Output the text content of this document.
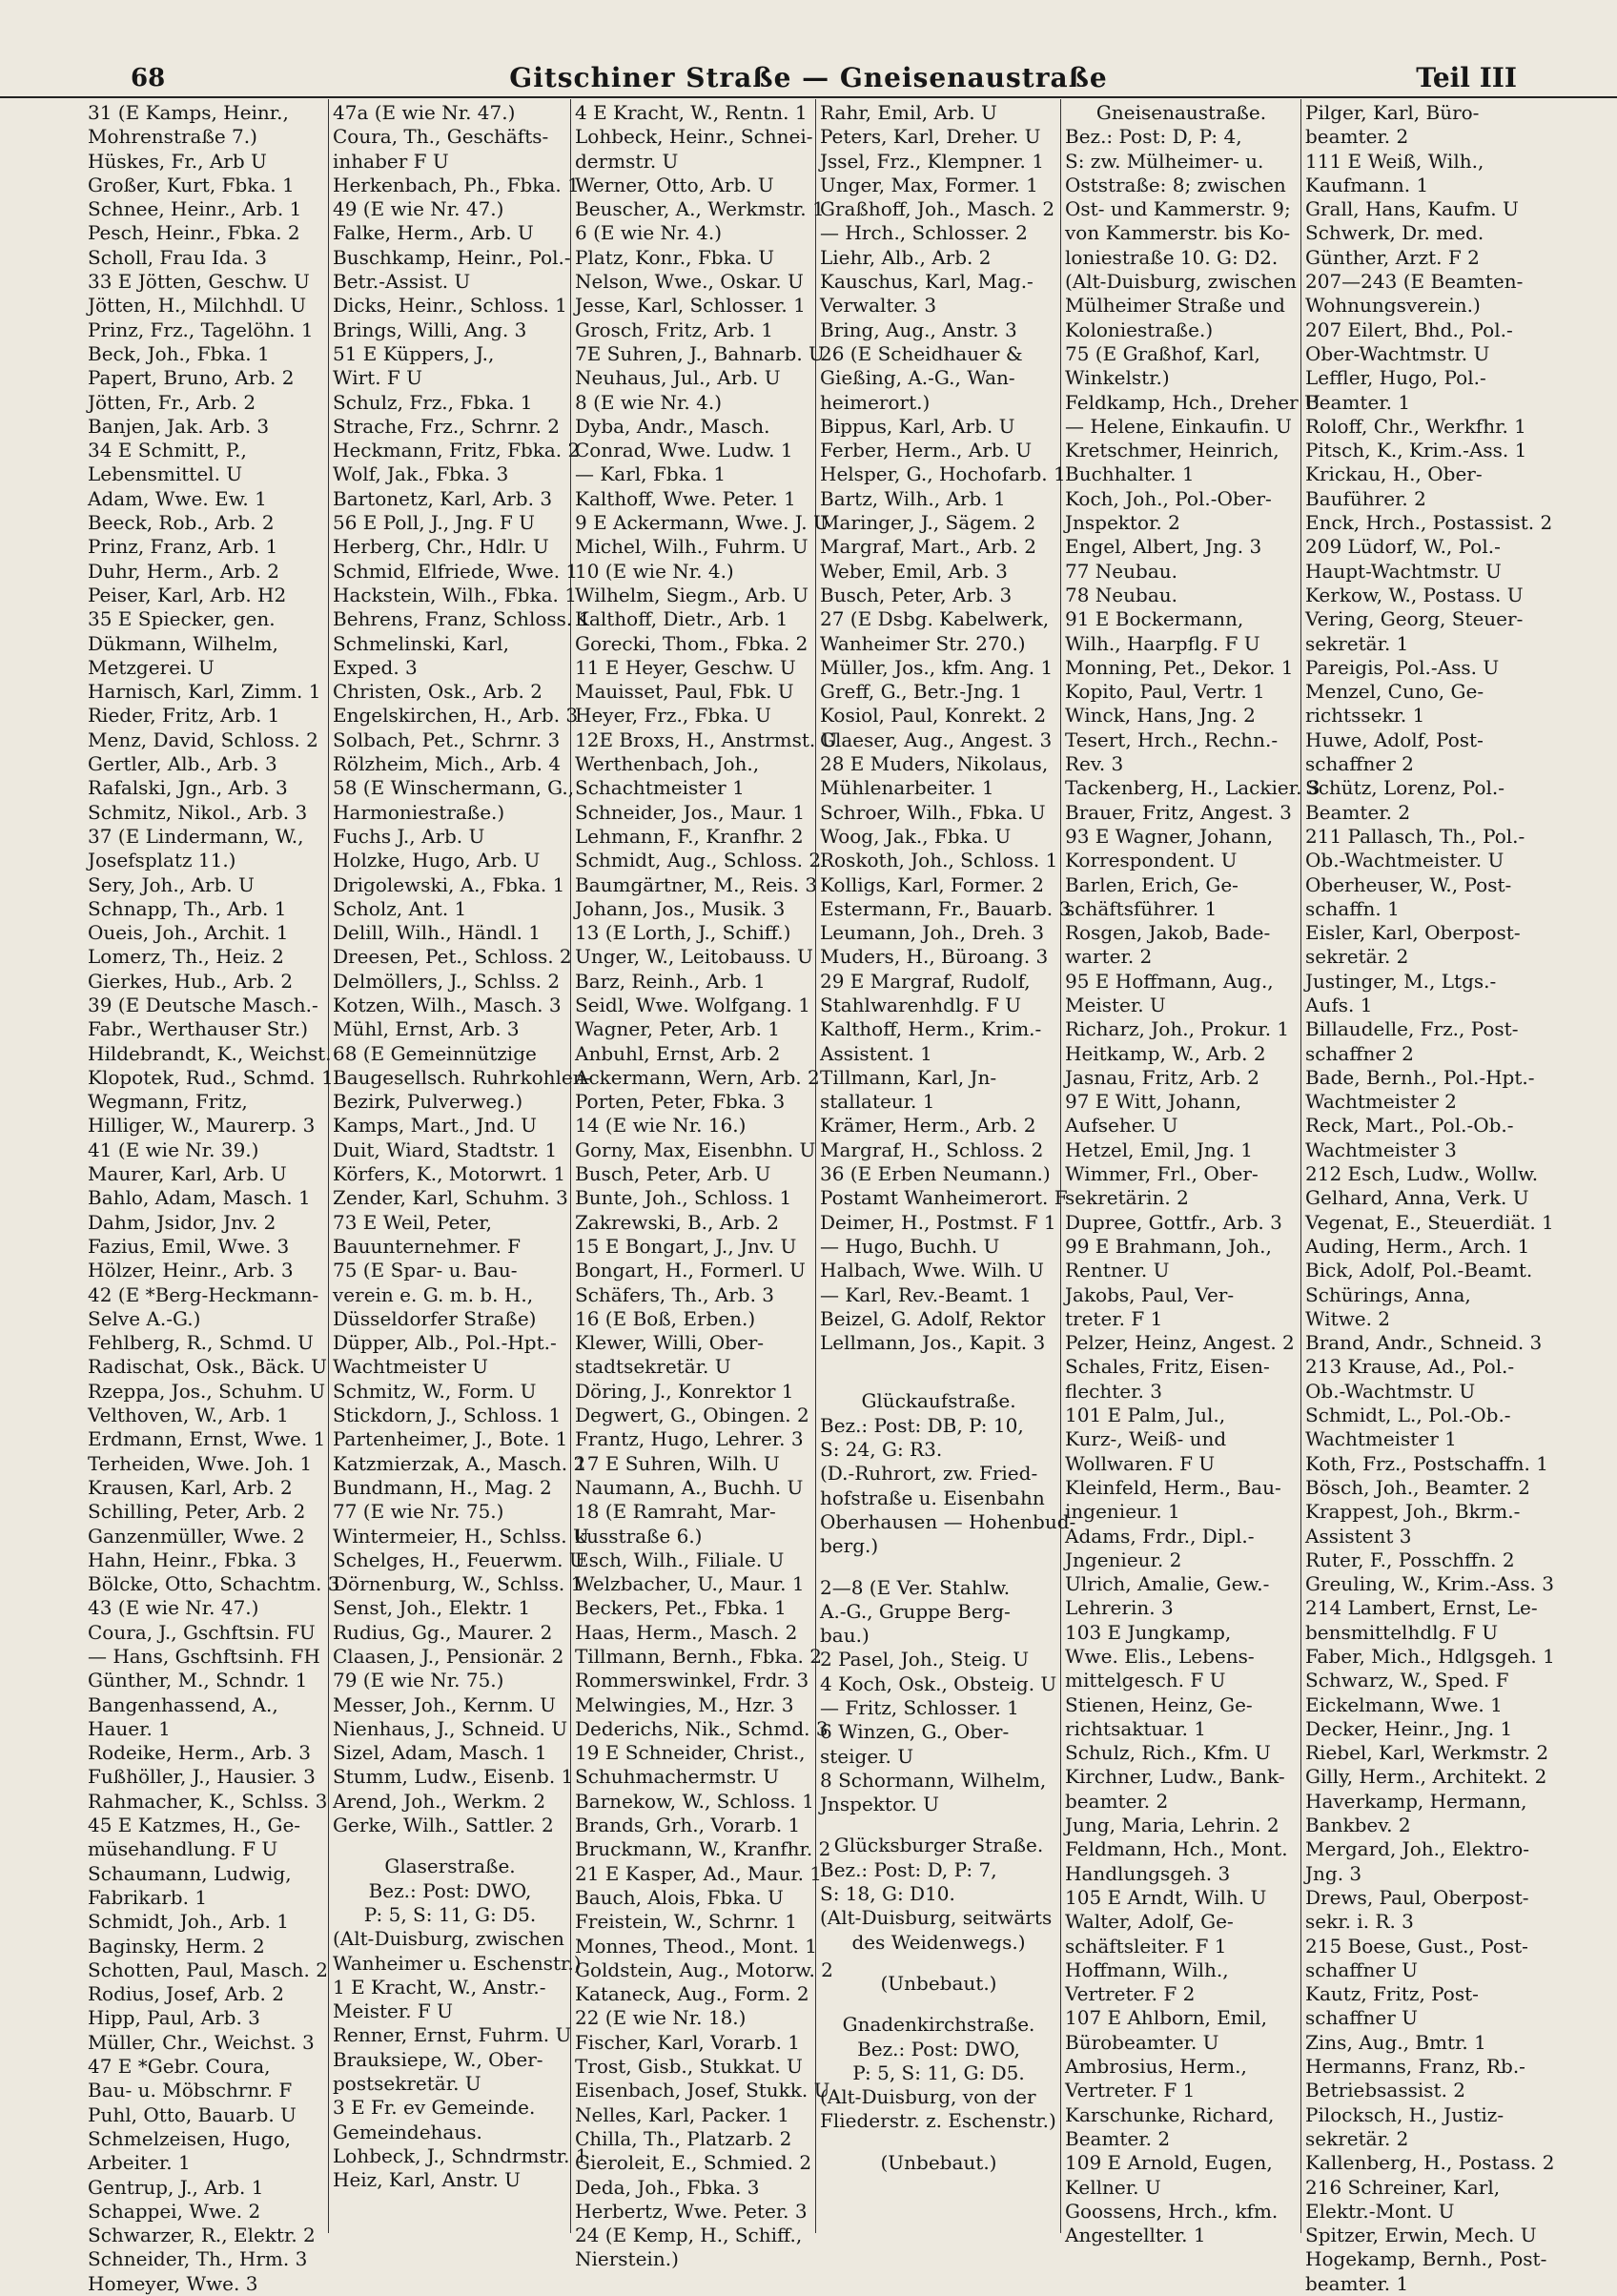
68	Gitschiner Straße — Gneisenaustraße	Teil III
31 (E Kamps, Heinr.,
Mohrenstraße 7.)
Hüskes, Fr., Arb U
Großer, Kurt, Fbka. 1
Schnee, Heinr., Arb. 1
Pesch, Heinr., Fbka. 2
Scholl, Frau Ida. 3
33 E Jötten, Geschw. U
Jötten, H., Milchhdl. U
Prinz, Frz., Tagelöhn. 1
Beck, Joh., Fbka. 1
Papert, Bruno, Arb. 2
Jötten, Fr., Arb. 2
Banjen, Jak. Arb. 3
34 E Schmitt, P.,
Lebensmittel. U
Adam, Wwe. Ew. 1
Beeck, Rob., Arb. 2
Prinz, Franz, Arb. 1
Duhr, Herm., Arb. 2
Peiser, Karl, Arb. H2
35 E Spiecker, gen.
Dükmann, Wilhelm,
Metzgerei. U
Harnisch, Karl, Zimm. 1
Rieder, Fritz, Arb. 1
Menz, David, Schloss. 2
Gertler, Alb., Arb. 3
Rafalski, Jgn., Arb. 3
Schmitz, Nikol., Arb. 3
37 (E Lindermann, W.,
Josefsplatz 11.)
Sery, Joh., Arb. U
Schnapp, Th., Arb. 1
Oueis, Joh., Archit. 1
Lomerz, Th., Heiz. 2
Gierkes, Hub., Arb. 2
39 (E Deutsche Masch.-
Fabr., Werthauser Str.)
Hildebrandt, K., Weichst.
Klopotek, Rud., Schmd. 1
Wegmann, Fritz,
Hilliger, W., Maurerp. 3
41 (E wie Nr. 39.)
Maurer, Karl, Arb. U
Bahlo, Adam, Masch. 1
Dahm, Jsidor, Jnv. 2
Fazius, Emil, Wwe. 3
Hölzer, Heinr., Arb. 3
42 (E *Berg-Heckmann-
Selve A.-G.)
Fehlberg, R., Schmd. U
Radischat, Osk., Bäck. U
Rzeppa, Jos., Schuhm. U
Velthoven, W., Arb. 1
Erdmann, Ernst, Wwe. 1
Terheiden, Wwe. Joh. 1
Krausen, Karl, Arb. 2
Schilling, Peter, Arb. 2
Ganzenmüller, Wwe. 2
Hahn, Heinr., Fbka. 3
Bölcke, Otto, Schachtm. 3
43 (E wie Nr. 47.)
Coura, J., Gschftsin. FU
— Hans, Gschftsinh. FH
Günther, M., Schndr. 1
Bangenhassend, A.,
Hauer. 1
Rodeike, Herm., Arb. 3
Fußhöller, J., Hausier. 3
Rahmacher, K., Schlss. 3
45 E Katzmes, H., Ge-
müsehandlung. F U
Schaumann, Ludwig,
Fabrikarb. 1
Schmidt, Joh., Arb. 1
Baginsky, Herm. 2
Schotten, Paul, Masch. 2
Rodius, Josef, Arb. 2
Hipp, Paul, Arb. 3
Müller, Chr., Weichst. 3
47 E *Gebr. Coura,
Bau- u. Möbschrnr. F
Puhl, Otto, Bauarb. U
Schmelzeisen, Hugo,
Arbeiter. 1
Gentrup, J., Arb. 1
Schappei, Wwe. 2
Schwarzer, R., Elektr. 2
Schneider, Th., Hrm. 3
Homeyer, Wwe. 3
47a (E wie Nr. 47.)
Coura, Th., Geschäfts-
inhaber F U
Herkenbach, Ph., Fbka. 1
49 (E wie Nr. 47.)
Falke, Herm., Arb. U
Buschkamp, Heinr., Pol.-
Betr.-Assist. U
Dicks, Heinr., Schloss. 1
Brings, Willi, Ang. 3
51 E Küppers, J.,
Wirt. F U
Schulz, Frz., Fbka. 1
Strache, Frz., Schrnr. 2
Heckmann, Fritz, Fbka. 2
Wolf, Jak., Fbka. 3
Bartonetz, Karl, Arb. 3
56 E Poll, J., Jng. F U
Herberg, Chr., Hdlr. U
Schmid, Elfriede, Wwe. 1
Hackstein, Wilh., Fbka. 1
Behrens, Franz, Schloss. 1
Schmelinski, Karl,
Exped. 3
Christen, Osk., Arb. 2
Engelskirchen, H., Arb. 3
Solbach, Pet., Schrnr. 3
Rölzheim, Mich., Arb. 4
58 (E Winschermann, G.,
Harmoniestraße.)
Fuchs J., Arb. U
Holzke, Hugo, Arb. U
Drigolewski, A., Fbka. 1
Scholz, Ant. 1
Delill, Wilh., Händl. 1
Dreesen, Pet., Schloss. 2
Delmöllers, J., Schlss. 2
Kotzen, Wilh., Masch. 3
Mühl, Ernst, Arb. 3
68 (E Gemeinnützige
Baugesellsch. Ruhrkohlen-
Bezirk, Pulverweg.)
Kamps, Mart., Jnd. U
Duit, Wiard, Stadtstr. 1
Körfers, K., Motorwrt. 1
Zender, Karl, Schuhm. 3
73 E Weil, Peter,
Bauunternehmer. F
75 (E Spar- u. Bau-
verein e. G. m. b. H.,
Düsseldorfer Straße)
Düpper, Alb., Pol.-Hpt.-
Wachtmeister U
Schmitz, W., Form. U
Stickdorn, J., Schloss. 1
Partenheimer, J., Bote. 1
Katzmierzak, A., Masch. 2
Bundmann, H., Mag. 2
77 (E wie Nr. 75.)
Wintermeier, H., Schlss. U
Schelges, H., Feuerwm. U
Dörnenburg, W., Schlss. 1
Senst, Joh., Elektr. 1
Rudius, Gg., Maurer. 2
Claasen, J., Pensionär. 2
79 (E wie Nr. 75.)
Messer, Joh., Kernm. U
Nienhaus, J., Schneid. U
Sizel, Adam, Masch. 1
Stumm, Ludw., Eisenb. 1
Arend, Joh., Werkm. 2
Gerke, Wilh., Sattler. 2
Glaserstraße.
Bez.: Post: DWO,
P: 5, S: 11, G: D5.
(Alt-Duisburg, zwischen
Wanheimer u. Eschenstr.)
1 E Kracht, W., Anstr.-
Meister. F U
Renner, Ernst, Fuhrm. U
Brauksiepe, W., Ober-
postsekretär. U
3 E Fr. ev Gemeinde.
Gemeindehaus.
Lohbeck, J., Schndrmstr. 1
Heiz, Karl, Anstr. U
4 E Kracht, W., Rentn. 1
Lohbeck, Heinr., Schnei-
dermstr. U
Werner, Otto, Arb. U
Beuscher, A., Werkmstr. 1
6 (E wie Nr. 4.)
Platz, Konr., Fbka. U
Nelson, Wwe., Oskar. U
Jesse, Karl, Schlosser. 1
Grosch, Fritz, Arb. 1
7E Suhren, J., Bahnarb. U
Neuhaus, Jul., Arb. U
8 (E wie Nr. 4.)
Dyba, Andr., Masch.
Conrad, Wwe. Ludw. 1
— Karl, Fbka. 1
Kalthoff, Wwe. Peter. 1
9 E Ackermann, Wwe. J. U
Michel, Wilh., Fuhrm. U
10 (E wie Nr. 4.)
Wilhelm, Siegm., Arb. U
Kalthoff, Dietr., Arb. 1
Gorecki, Thom., Fbka. 2
11 E Heyer, Geschw. U
Mauisset, Paul, Fbk. U
Heyer, Frz., Fbka. U
12E Broxs, H., Anstrmst. U
Werthenbach, Joh.,
Schachtmeister 1
Schneider, Jos., Maur. 1
Lehmann, F., Kranfhr. 2
Schmidt, Aug., Schloss. 2
Baumgärtner, M., Reis. 3
Johann, Jos., Musik. 3
13 (E Lorth, J., Schiff.)
Unger, W., Leitobauss. U
Barz, Reinh., Arb. 1
Seidl, Wwe. Wolfgang. 1
Wagner, Peter, Arb. 1
Anbuhl, Ernst, Arb. 2
Ackermann, Wern, Arb. 2
Porten, Peter, Fbka. 3
14 (E wie Nr. 16.)
Gorny, Max, Eisenbhn. U
Busch, Peter, Arb. U
Bunte, Joh., Schloss. 1
Zakrewski, B., Arb. 2
15 E Bongart, J., Jnv. U
Bongart, H., Formerl. U
Schäfers, Th., Arb. 3
16 (E Boß, Erben.)
Klewer, Willi, Ober-
stadtsekretär. U
Döring, J., Konrektor 1
Degwert, G., Obingen. 2
Frantz, Hugo, Lehrer. 3
17 E Suhren, Wilh. U
Naumann, A., Buchh. U
18 (E Ramraht, Mar-
kusstraße 6.)
Esch, Wilh., Filiale. U
Welzbacher, U., Maur. 1
Beckers, Pet., Fbka. 1
Haas, Herm., Masch. 2
Tillmann, Bernh., Fbka. 2
Rommerswinkel, Frdr. 3
Melwingies, M., Hzr. 3
Dederichs, Nik., Schmd. 3
19 E Schneider, Christ.,
Schuhmachermstr. U
Barnekow, W., Schloss. 1
Brands, Grh., Vorarb. 1
Bruckmann, W., Kranfhr. 2
21 E Kasper, Ad., Maur. 1
Bauch, Alois, Fbka. U
Freistein, W., Schrnr. 1
Monnes, Theod., Mont. 1
Goldstein, Aug., Motorw. 2
Kataneck, Aug., Form. 2
22 (E wie Nr. 18.)
Fischer, Karl, Vorarb. 1
Trost, Gisb., Stukkat. U
Eisenbach, Josef, Stukk. U
Nelles, Karl, Packer. 1
Chilla, Th., Platzarb. 2
Gieroleit, E., Schmied. 2
Deda, Joh., Fbka. 3
Herbertz, Wwe. Peter. 3
24 (E Kemp, H., Schiff.,
Nierstein.)
Rahr, Emil, Arb. U
Peters, Karl, Dreher. U
Jssel, Frz., Klempner. 1
Unger, Max, Former. 1
Graßhoff, Joh., Masch. 2
— Hrch., Schlosser. 2
Liehr, Alb., Arb. 2
Kauschus, Karl, Mag.-
Verwalter. 3
Bring, Aug., Anstr. 3
26 (E Scheidhauer &
Gießing, A.-G., Wan-
heimerort.)
Bippus, Karl, Arb. U
Ferber, Herm., Arb. U
Helsper, G., Hochofarb. 1
Bartz, Wilh., Arb. 1
Maringer, J., Sägem. 2
Margraf, Mart., Arb. 2
Weber, Emil, Arb. 3
Busch, Peter, Arb. 3
27 (E Dsbg. Kabelwerk,
Wanheimer Str. 270.)
Müller, Jos., kfm. Ang. 1
Greff, G., Betr.-Jng. 1
Kosiol, Paul, Konrekt. 2
Glaeser, Aug., Angest. 3
28 E Muders, Nikolaus,
Mühlenarbeiter. 1
Schroer, Wilh., Fbka. U
Woog, Jak., Fbka. U
Roskoth, Joh., Schloss. 1
Kolligs, Karl, Former. 2
Estermann, Fr., Bauarb. 3
Leumann, Joh., Dreh. 3
Muders, H., Büroang. 3
29 E Margraf, Rudolf,
Stahlwarenhdlg. F U
Kalthoff, Herm., Krim.-
Assistent. 1
Tillmann, Karl, Jn-
stallateur. 1
Krämer, Herm., Arb. 2
Margraf, H., Schloss. 2
36 (E Erben Neumann.)
Postamt Wanheimerort. F
Deimer, H., Postmst. F 1
— Hugo, Buchh. U
Halbach, Wwe. Wilh. U
— Karl, Rev.-Beamt. 1
Beizel, G. Adolf, Rektor
Lellmann, Jos., Kapit. 3
Glückaufstraße.
Bez.: Post: DB, P: 10,
S: 24, G: R3.
(D.-Ruhrort, zw. Fried-
hofstraße u. Eisenbahn
Oberhausen — Hohenbud-
berg.)
2—8 (E Ver. Stahlw.
A.-G., Gruppe Berg-
bau.)
2 Pasel, Joh., Steig. U
4 Koch, Osk., Obsteig. U
— Fritz, Schlosser. 1
6 Winzen, G., Ober-
steiger. U
8 Schormann, Wilhelm,
Jnspektor. U
Glücksburger Straße.
Bez.: Post: D, P: 7,
S: 18, G: D10.
(Alt-Duisburg, seitwärts
des Weidenwegs.)
(Unbebaut.)
Gnadenkirchstraße.
Bez.: Post: DWO,
P: 5, S: 11, G: D5.
(Alt-Duisburg, von der
Fliederstr. z. Eschenstr.)
(Unbebaut.)
Gneisenaustraße.
Bez.: Post: D, P: 4,
S: zw. Mülheimer- u.
Oststraße: 8; zwischen
Ost- und Kammerstr. 9;
von Kammerstr. bis Ko-
loniestraße 10. G: D2.
(Alt-Duisburg, zwischen
Mülheimer Straße und
Koloniestraße.)
75 (E Graßhof, Karl,
Winkelstr.)
Feldkamp, Hch., Dreher U
— Helene, Einkaufin. U
Kretschmer, Heinrich,
Buchhalter. 1
Koch, Joh., Pol.-Ober-
Jnspektor. 2
Engel, Albert, Jng. 3
77 Neubau.
78 Neubau.
91 E Bockermann,
Wilh., Haarpflg. F U
Monning, Pet., Dekor. 1
Kopito, Paul, Vertr. 1
Winck, Hans, Jng. 2
Tesert, Hrch., Rechn.-
Rev. 3
Tackenberg, H., Lackier. 3
Brauer, Fritz, Angest. 3
93 E Wagner, Johann,
Korrespondent. U
Barlen, Erich, Ge-
schäftsführer. 1
Rosgen, Jakob, Bade-
warter. 2
95 E Hoffmann, Aug.,
Meister. U
Richarz, Joh., Prokur. 1
Heitkamp, W., Arb. 2
Jasnau, Fritz, Arb. 2
97 E Witt, Johann,
Aufseher. U
Hetzel, Emil, Jng. 1
Wimmer, Frl., Ober-
sekretärin. 2
Dupree, Gottfr., Arb. 3
99 E Brahmann, Joh.,
Rentner. U
Jakobs, Paul, Ver-
treter. F 1
Pelzer, Heinz, Angest. 2
Schales, Fritz, Eisen-
flechter. 3
101 E Palm, Jul.,
Kurz-, Weiß- und
Wollwaren. F U
Kleinfeld, Herm., Bau-
ingenieur. 1
Adams, Frdr., Dipl.-
Jngenieur. 2
Ulrich, Amalie, Gew.-
Lehrerin. 3
103 E Jungkamp,
Wwe. Elis., Lebens-
mittelgesch. F U
Stienen, Heinz, Ge-
richtsaktuar. 1
Schulz, Rich., Kfm. U
Kirchner, Ludw., Bank-
beamter. 2
Jung, Maria, Lehrin. 2
Feldmann, Hch., Mont.
Handlungsgeh. 3
105 E Arndt, Wilh. U
Walter, Adolf, Ge-
schäftsleiter. F 1
Hoffmann, Wilh.,
Vertreter. F 2
107 E Ahlborn, Emil,
Bürobeamter. U
Ambrosius, Herm.,
Vertreter. F 1
Karschunke, Richard,
Beamter. 2
109 E Arnold, Eugen,
Kellner. U
Goossens, Hrch., kfm.
Angestellter. 1
Pilger, Karl, Büro-
beamter. 2
111 E Weiß, Wilh.,
Kaufmann. 1
Grall, Hans, Kaufm. U
Schwerk, Dr. med.
Günther, Arzt. F 2
207—243 (E Beamten-
Wohnungsverein.)
207 Eilert, Bhd., Pol.-
Ober-Wachtmstr. U
Leffler, Hugo, Pol.-
Beamter. 1
Roloff, Chr., Werkfhr. 1
Pitsch, K., Krim.-Ass. 1
Krickau, H., Ober-
Bauführer. 2
Enck, Hrch., Postassist. 2
209 Lüdorf, W., Pol.-
Haupt-Wachtmstr. U
Kerkow, W., Postass. U
Vering, Georg, Steuer-
sekretär. 1
Pareigis, Pol.-Ass. U
Menzel, Cuno, Ge-
richtssekr. 1
Huwe, Adolf, Post-
schaffner 2
Schütz, Lorenz, Pol.-
Beamter. 2
211 Pallasch, Th., Pol.-
Ob.-Wachtmeister. U
Oberheuser, W., Post-
schaffn. 1
Eisler, Karl, Oberpost-
sekretär. 2
Justinger, M., Ltgs.-
Aufs. 1
Billaudelle, Frz., Post-
schaffner 2
Bade, Bernh., Pol.-Hpt.-
Wachtmeister 2
Reck, Mart., Pol.-Ob.-
Wachtmeister 3
212 Esch, Ludw., Wollw.
Gelhard, Anna, Verk. U
Vegenat, E., Steuerdiät. 1
Auding, Herm., Arch. 1
Bick, Adolf, Pol.-Beamt.
Schürings, Anna,
Witwe. 2
Brand, Andr., Schneid. 3
213 Krause, Ad., Pol.-
Ob.-Wachtmstr. U
Schmidt, L., Pol.-Ob.-
Wachtmeister 1
Koth, Frz., Postschaffn. 1
Bösch, Joh., Beamter. 2
Krappest, Joh., Bkrm.-
Assistent 3
Ruter, F., Posschffn. 2
Greuling, W., Krim.-Ass. 3
214 Lambert, Ernst, Le-
bensmittelhdlg. F U
Faber, Mich., Hdlgsgeh. 1
Schwarz, W., Sped. F
Eickelmann, Wwe. 1
Decker, Heinr., Jng. 1
Riebel, Karl, Werkmstr. 2
Gilly, Herm., Architekt. 2
Haverkamp, Hermann,
Bankbev. 2
Mergard, Joh., Elektro-
Jng. 3
Drews, Paul, Oberpost-
sekr. i. R. 3
215 Boese, Gust., Post-
schaffner U
Kautz, Fritz, Post-
schaffner U
Zins, Aug., Bmtr. 1
Hermanns, Franz, Rb.-
Betriebsassist. 2
Pilocksch, H., Justiz-
sekretär. 2
Kallenberg, H., Postass. 2
216 Schreiner, Karl,
Elektr.-Mont. U
Spitzer, Erwin, Mech. U
Hogekamp, Bernh., Post-
beamter. 1
